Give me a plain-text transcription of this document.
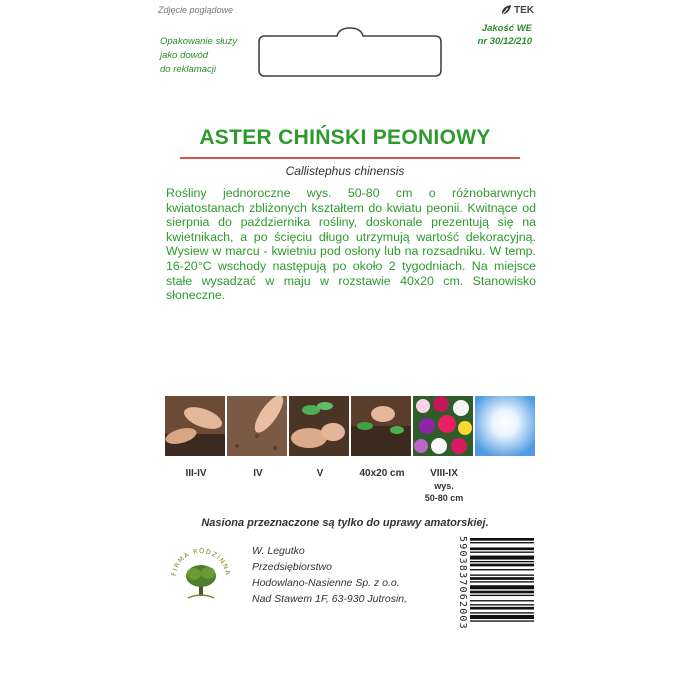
Zdjęcie poglądowe
Opakowanie służy
jako dowód
do reklamacji
TEK
Jakość WE
nr 30/12/210
ASTER CHIŃSKI PEONIOWY
Callistephus chinensis
Rośliny jednoroczne wys. 50-80 cm o różnobarwnych kwiatostanach zbliżonych kształtem do kwiatu peonii. Kwitnące od sierpnia do października rośliny, doskonale prezentują się na kwietnikach, a po ścięciu długo utrzymują wartość dekoracyjną. Wysiew w marcu - kwietniu pod osłony lub na rozsadniku. W temp. 16-20°C wschody następują po około 2 tygodniach. Na miejsce stałe wysadzać w maju w rozstawie 40x20 cm. Stanowisko słoneczne.
III-IV	IV	V	40x20 cm	VIII-IX
wys.
50-80 cm
Nasiona przeznaczone są tylko do uprawy amatorskiej.
FIRMA RODZINNA
W. Legutko
Przedsiębiorstwo
Hodowlano-Nasienne Sp. z o.o.
Nad Stawem 1F, 63-930 Jutrosin,	5903837062003
